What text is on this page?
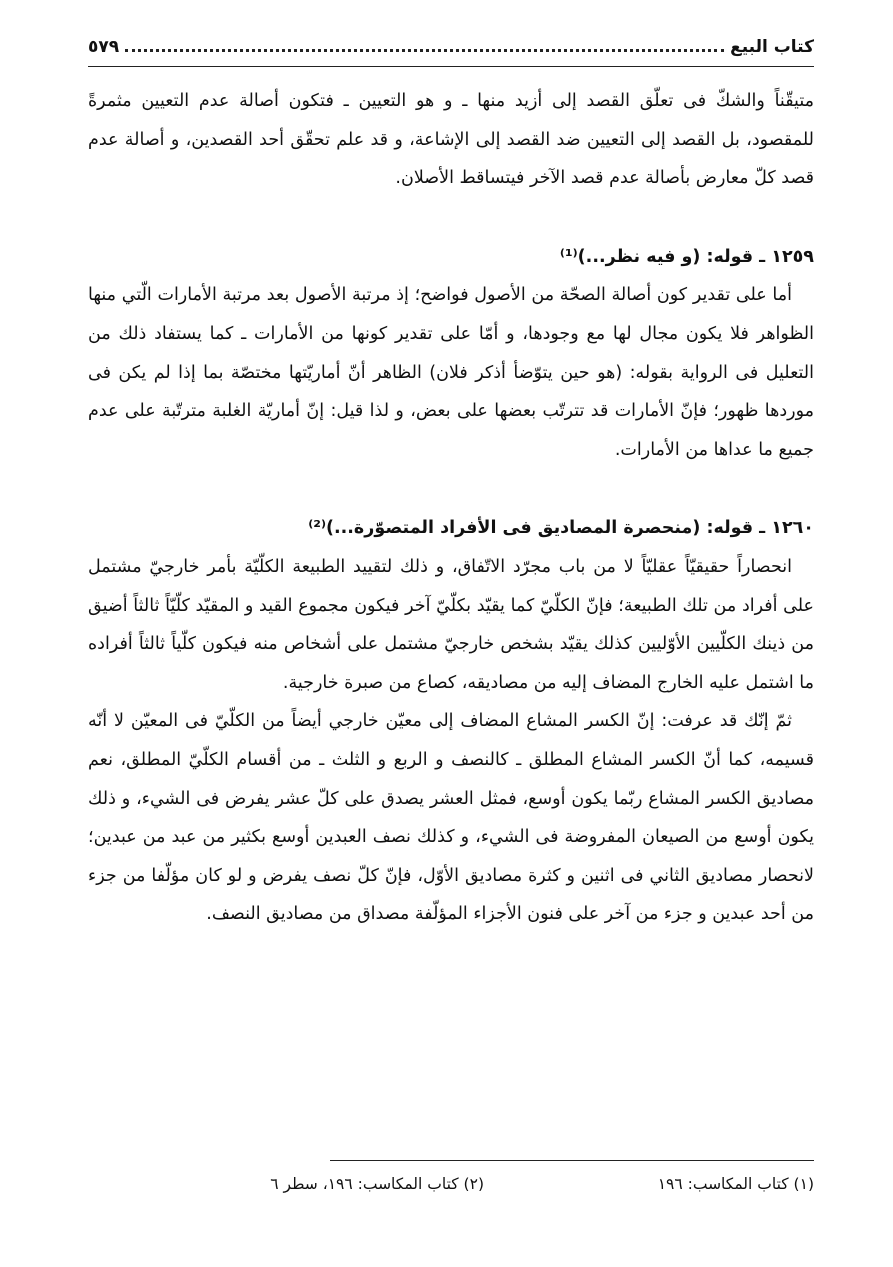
كتاب البيع
٥٧٩

متيقّناً والشكّ فى تعلّق القصد إلى أزيد منها ـ و هو التعيين ـ فتكون أصالة عدم التعيين مثمرةً للمقصود، بل القصد إلى التعيين ضد القصد إلى الإشاعة، و قد علم تحقّق أحد القصدين، و أصالة عدم قصد كلّ معارض بأصالة عدم قصد الآخر فيتساقط الأصلان.

١٢٥٩ ـ قوله‌: (و فيه نظر...)⁽¹⁾

أما على تقدير كون أصالة الصحّة من الأصول فواضح؛ إذ مرتبة الأصول بعد مرتبة الأمارات الّتي منها الظواهر فلا يكون مجال لها مع وجودها، و أمّا على تقدير كونها من الأمارات ـ كما يستفاد ذلك من التعليل فى الرواية بقوله: (هو حين يتوّضأ أذكر فلان) الظاهر أنّ أماريّتها مختصّة بما إذا لم يكن فى موردها ظهور؛ فإنّ الأمارات قد تترتّب بعضها على بعض، و لذا قيل: إنّ أماريّة الغلبة مترتّبة على عدم جميع ما عداها من الأمارات.

١٢٦٠ ـ قوله‌: (منحصرة المصاديق فى الأفراد المتصوّرة...)⁽²⁾

انحصاراً حقيقيّاً عقليّاً لا من باب مجرّد الاتّفاق، و ذلك لتقييد الطبيعة الكلّيّة بأمر خارجيّ مشتمل على أفراد من تلك الطبيعة؛ فإنّ الكلّيّ كما يقيّد بكلّيّ آخر فيكون مجموع القيد و المقيّد كلّيّاً ثالثاً أضيق من ذينك الكلّيين الأوّليين كذلك يقيّد بشخص خارجيّ مشتمل على أشخاص منه فيكون كلّياً ثالثاً أفراده ما اشتمل عليه الخارج المضاف إليه من مصاديقه، كصاع من صبرة خارجية.

ثمّ إنّك قد عرفت: إنّ الكسر المشاع المضاف إلى معيّن خارجي أيضاً من الكلّيّ فى المعيّن لا أنّه قسيمه، كما أنّ الكسر المشاع المطلق ـ كالنصف و الربع و الثلث ـ من أقسام الكلّيّ المطلق، نعم مصاديق الكسر المشاع ربّما يكون أوسع، فمثل العشر يصدق على كلّ عشر يفرض فى الشيء، و ذلك يكون أوسع من الصيعان المفروضة فى الشيء، و كذلك نصف العبدين أوسع بكثير من عبد من عبدين؛ لانحصار مصاديق الثاني فى اثنين و كثرة مصاديق الأوّل، فإنّ كلّ نصف يفرض و لو كان مؤلّفا من جزء من أحد عبدين و جزء من آخر على فنون الأجزاء المؤلّفة مصداق من مصاديق النصف.

(١) كتاب المكاسب: ١٩٦
(٢) كتاب المكاسب: ١٩٦، سطر ٦
